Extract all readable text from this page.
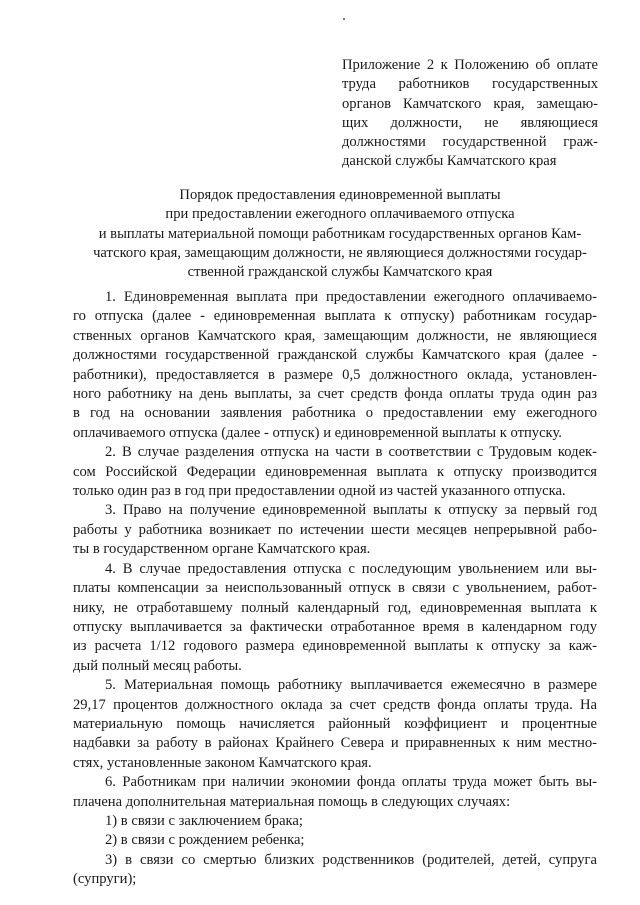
Приложение 2 к Положению об оплате
труда работников государственных
органов Камчатского края, замещаю-
щих должности, не являющиеся
должностями государственной граж-
данской службы Камчатского края
Порядок предоставления единовременной выплаты
при предоставлении ежегодного оплачиваемого отпуска
и выплаты материальной помощи работникам государственных органов Кам-
чатского края, замещающим должности, не являющиеся должностями государ-
ственной гражданской службы Камчатского края
1. Единовременная выплата при предоставлении ежегодного оплачиваемо-
го отпуска (далее - единовременная выплата к отпуску) работникам государ-
ственных органов Камчатского края, замещающим должности, не являющиеся
должностями государственной гражданской службы Камчатского края (далее -
работники), предоставляется в размере 0,5 должностного оклада, установлен-
ного работнику на день выплаты, за счет средств фонда оплаты труда один раз
в год на основании заявления работника о предоставлении ему ежегодного
оплачиваемого отпуска (далее - отпуск) и единовременной выплаты к отпуску.
2. В случае разделения отпуска на части в соответствии с Трудовым кодек-
сом Российской Федерации единовременная выплата к отпуску производится
только один раз в год при предоставлении одной из частей указанного отпуска.
3. Право на получение единовременной выплаты к отпуску за первый год
работы у работника возникает по истечении шести месяцев непрерывной рабо-
ты в государственном органе Камчатского края.
4. В случае предоставления отпуска с последующим увольнением или вы-
платы компенсации за неиспользованный отпуск в связи с увольнением, работ-
нику, не отработавшему полный календарный год, единовременная выплата к
отпуску выплачивается за фактически отработанное время в календарном году
из расчета 1/12 годового размера единовременной выплаты к отпуску за каж-
дый полный месяц работы.
5. Материальная помощь работнику выплачивается ежемесячно в размере
29,17 процентов должностного оклада за счет средств фонда оплаты труда. На
материальную помощь начисляется районный коэффициент и процентные
надбавки за работу в районах Крайнего Севера и приравненных к ним местно-
стях, установленные законом Камчатского края.
6. Работникам при наличии экономии фонда оплаты труда может быть вы-
плачена дополнительная материальная помощь в следующих случаях:
1) в связи с заключением брака;
2) в связи с рождением ребенка;
3) в связи со смертью близких родственников (родителей, детей, супруга
(супруги);
